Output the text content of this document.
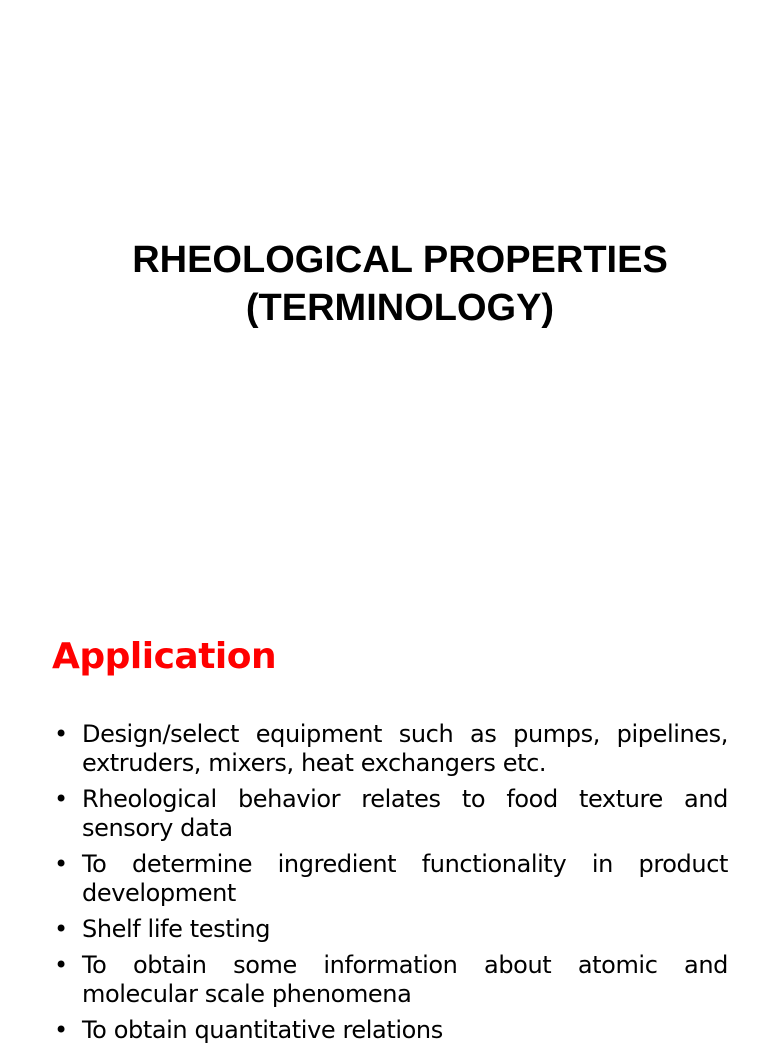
RHEOLOGICAL PROPERTIES
(TERMINOLOGY)
Application
• Design/select equipment such as pumps, pipelines, extruders, mixers, heat exchangers etc.
• Rheological behavior relates to food texture and sensory data
• To determine ingredient functionality in product development
• Shelf life testing
• To obtain some information about atomic and molecular scale phenomena
• To obtain quantitative relations
